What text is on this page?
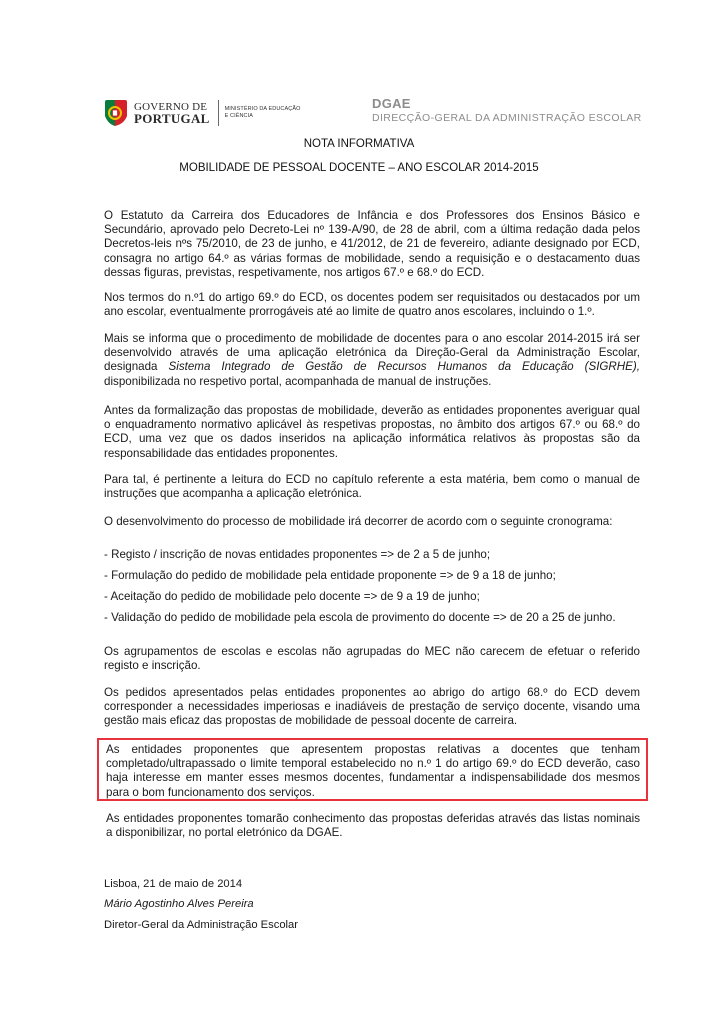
GOVERNO DE
PORTUGAL
MINISTÉRIO DA EDUCAÇÃO
E CIÊNCIA
DGAE
DIRECÇÃO-GERAL DA ADMINISTRAÇÃO ESCOLAR
NOTA INFORMATIVA
MOBILIDADE DE PESSOAL DOCENTE – ANO ESCOLAR 2014-2015
O Estatuto da Carreira dos Educadores de Infância e dos Professores dos Ensinos Básico e Secundário, aprovado pelo Decreto-Lei nº 139-A/90, de 28 de abril, com a última redação dada pelos Decretos-leis nºs 75/2010, de 23 de junho, e 41/2012, de 21 de fevereiro, adiante designado por ECD, consagra no artigo 64.º as várias formas de mobilidade, sendo a requisição e o destacamento duas dessas figuras, previstas, respetivamente, nos artigos 67.º e 68.º do ECD.
Nos termos do n.º1 do artigo 69.º do ECD, os docentes podem ser requisitados ou destacados por um ano escolar, eventualmente prorrogáveis até ao limite de quatro anos escolares, incluindo o 1.º.
Mais se informa que o procedimento de mobilidade de docentes para o ano escolar 2014-2015 irá ser desenvolvido através de uma aplicação eletrónica da Direção-Geral da Administração Escolar, designada Sistema Integrado de Gestão de Recursos Humanos da Educação (SIGRHE), disponibilizada no respetivo portal, acompanhada de manual de instruções.
Antes da formalização das propostas de mobilidade, deverão as entidades proponentes averiguar qual o enquadramento normativo aplicável às respetivas propostas, no âmbito dos artigos 67.º ou 68.º do ECD, uma vez que os dados inseridos na aplicação informática relativos às propostas são da responsabilidade das entidades proponentes.
Para tal, é pertinente a leitura do ECD no capítulo referente a esta matéria, bem como o manual de instruções que acompanha a aplicação eletrónica.
O desenvolvimento do processo de mobilidade irá decorrer de acordo com o seguinte cronograma:
- Registo / inscrição de novas entidades proponentes => de 2 a 5 de junho;
- Formulação do pedido de mobilidade pela entidade proponente => de 9 a 18 de junho;
- Aceitação do pedido de mobilidade pelo docente => de 9 a 19 de junho;
- Validação do pedido de mobilidade pela escola de provimento do docente => de 20 a 25 de junho.
Os agrupamentos de escolas e escolas não agrupadas do MEC não carecem de efetuar o referido registo e inscrição.
Os pedidos apresentados pelas entidades proponentes ao abrigo do artigo 68.º do ECD devem corresponder a necessidades imperiosas e inadiáveis de prestação de serviço docente, visando uma gestão mais eficaz das propostas de mobilidade de pessoal docente de carreira.
As entidades proponentes que apresentem propostas relativas a docentes que tenham completado/ultrapassado o limite temporal estabelecido no n.º 1 do artigo 69.º do ECD deverão, caso haja interesse em manter esses mesmos docentes, fundamentar a indispensabilidade dos mesmos para o bom funcionamento dos serviços.
As entidades proponentes tomarão conhecimento das propostas deferidas através das listas nominais a disponibilizar, no portal eletrónico da DGAE.
Lisboa, 21 de maio de 2014
Mário Agostinho Alves Pereira
Diretor-Geral da Administração Escolar
